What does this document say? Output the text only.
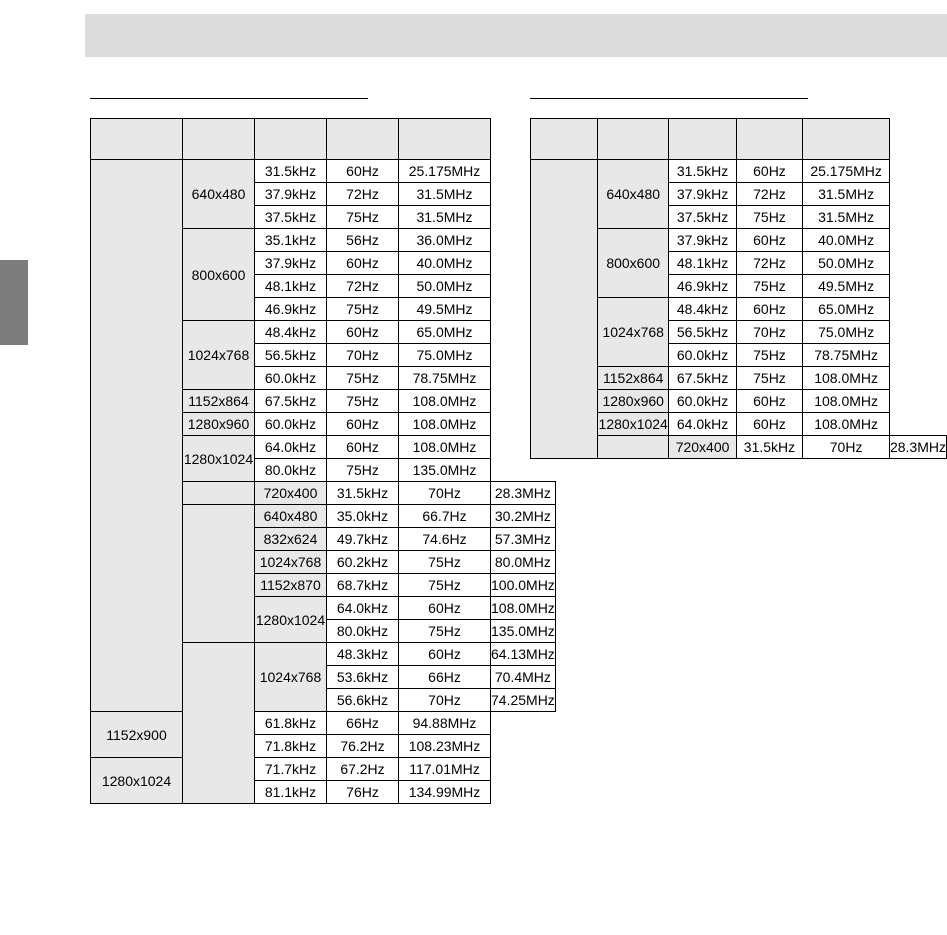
	640x480	31.5kHz	60Hz	25.175MHz	
		37.9kHz	72Hz	31.5MHz	
		37.5kHz	75Hz	31.5MHz	
	800x600	35.1kHz	56Hz	36.0MHz	
		37.9kHz	60Hz	40.0MHz	
		48.1kHz	72Hz	50.0MHz	
		46.9kHz	75Hz	49.5MHz	
	1024x768	48.4kHz	60Hz	65.0MHz	
		56.5kHz	70Hz	75.0MHz	
		60.0kHz	75Hz	78.75MHz	
	1152x864	67.5kHz	75Hz	108.0MHz	
	1280x960	60.0kHz	60Hz	108.0MHz	
	1280x1024	64.0kHz	60Hz	108.0MHz	
		80.0kHz	75Hz	135.0MHz	
		720x400	31.5kHz	70Hz	28.3MHz
		640x480	35.0kHz	66.7Hz	30.2MHz
		832x624	49.7kHz	74.6Hz	57.3MHz
		1024x768	60.2kHz	75Hz	80.0MHz
		1152x870	68.7kHz	75Hz	100.0MHz
		1280x1024	64.0kHz	60Hz	108.0MHz
			80.0kHz	75Hz	135.0MHz
		1024x768	48.3kHz	60Hz	64.13MHz
			53.6kHz	66Hz	70.4MHz
			56.6kHz	70Hz	74.25MHz
1152x900		61.8kHz	66Hz	94.88MHz	
		71.8kHz	76.2Hz	108.23MHz	
1280x1024		71.7kHz	67.2Hz	117.01MHz	
		81.1kHz	76Hz	134.99MHz	

	640x480	31.5kHz	60Hz	25.175MHz	
		37.9kHz	72Hz	31.5MHz	
		37.5kHz	75Hz	31.5MHz	
	800x600	37.9kHz	60Hz	40.0MHz	
		48.1kHz	72Hz	50.0MHz	
		46.9kHz	75Hz	49.5MHz	
	1024x768	48.4kHz	60Hz	65.0MHz	
		56.5kHz	70Hz	75.0MHz	
		60.0kHz	75Hz	78.75MHz	
	1152x864	67.5kHz	75Hz	108.0MHz	
	1280x960	60.0kHz	60Hz	108.0MHz	
	1280x1024	64.0kHz	60Hz	108.0MHz	
		720x400	31.5kHz	70Hz	28.3MHz
